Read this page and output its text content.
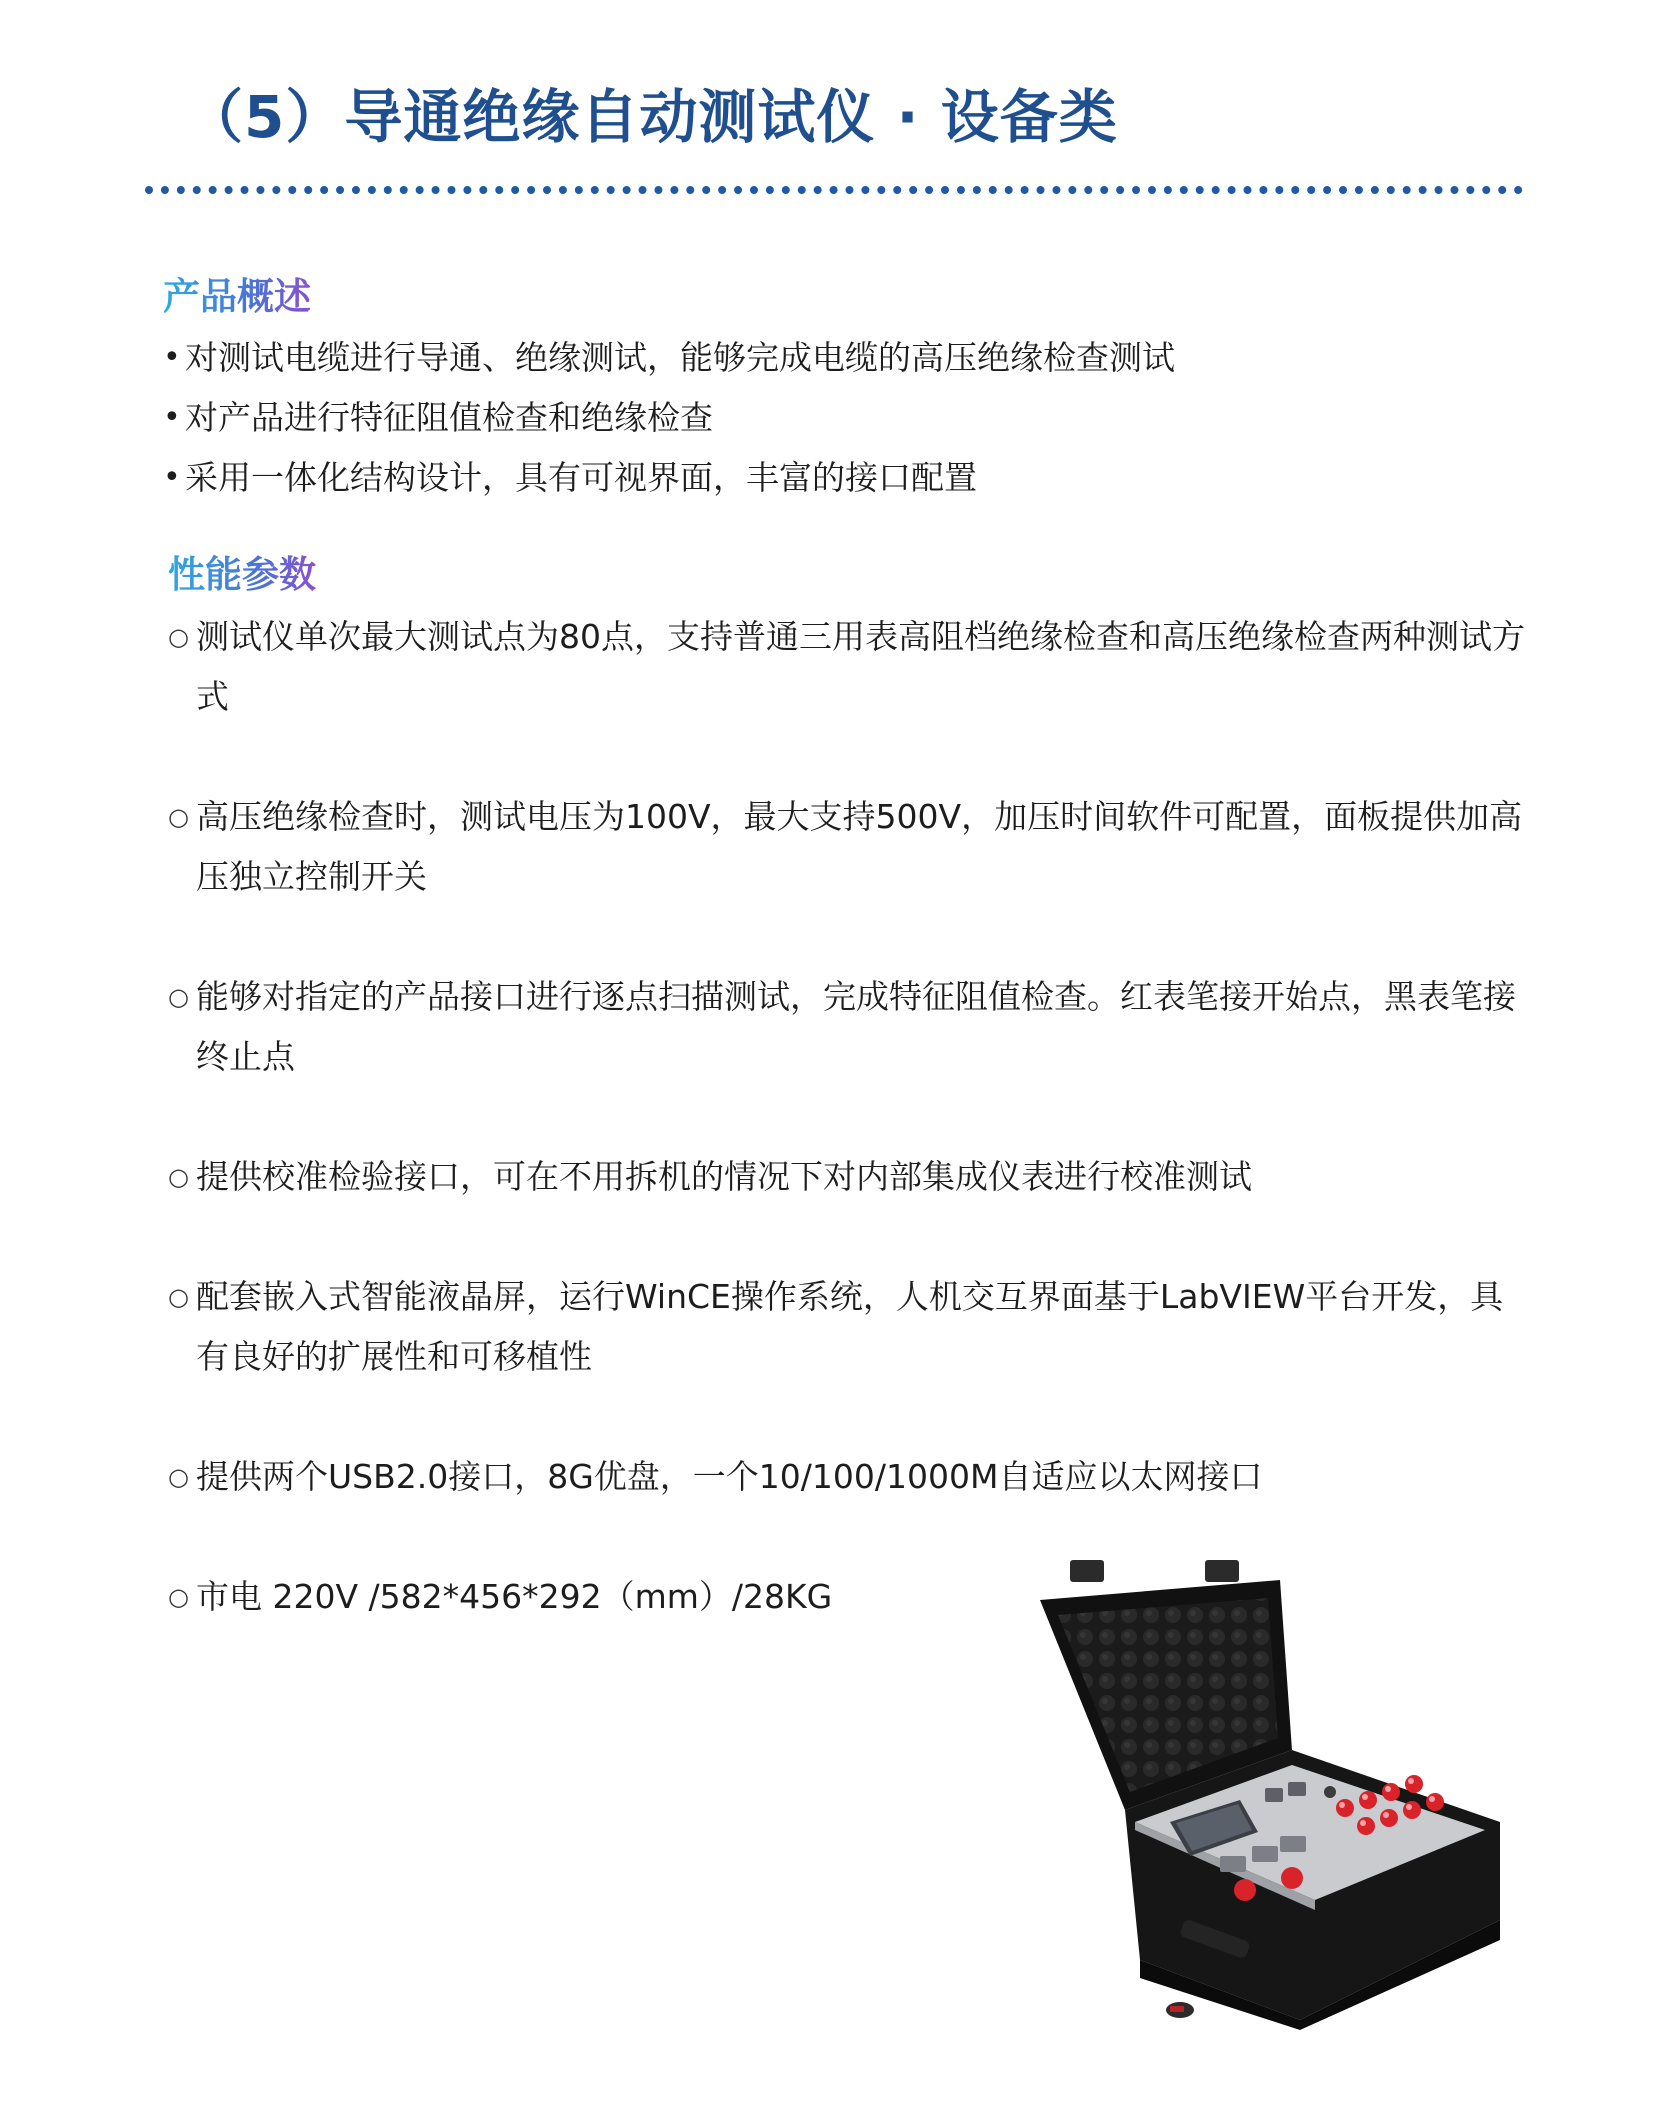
（5）导通绝缘自动测试仪 · 设备类
产品概述
• 对测试电缆进行导通、绝缘测试，能够完成电缆的高压绝缘检查测试
• 对产品进行特征阻值检查和绝缘检查
• 采用一体化结构设计，具有可视界面，丰富的接口配置
性能参数
○ 测试仪单次最大测试点为80点，支持普通三用表高阻档绝缘检查和高压绝缘检查两种测试方式
○ 高压绝缘检查时，测试电压为100V，最大支持500V，加压时间软件可配置，面板提供加高压独立控制开关
○ 能够对指定的产品接口进行逐点扫描测试，完成特征阻值检查。红表笔接开始点，黑表笔接终止点
○ 提供校准检验接口，可在不用拆机的情况下对内部集成仪表进行校准测试
○ 配套嵌入式智能液晶屏，运行WinCE操作系统，人机交互界面基于LabVIEW平台开发，具有良好的扩展性和可移植性
○ 提供两个USB2.0接口，8G优盘，一个10/100/1000M自适应以太网接口
○ 市电 220V /582*456*292（mm）/28KG
